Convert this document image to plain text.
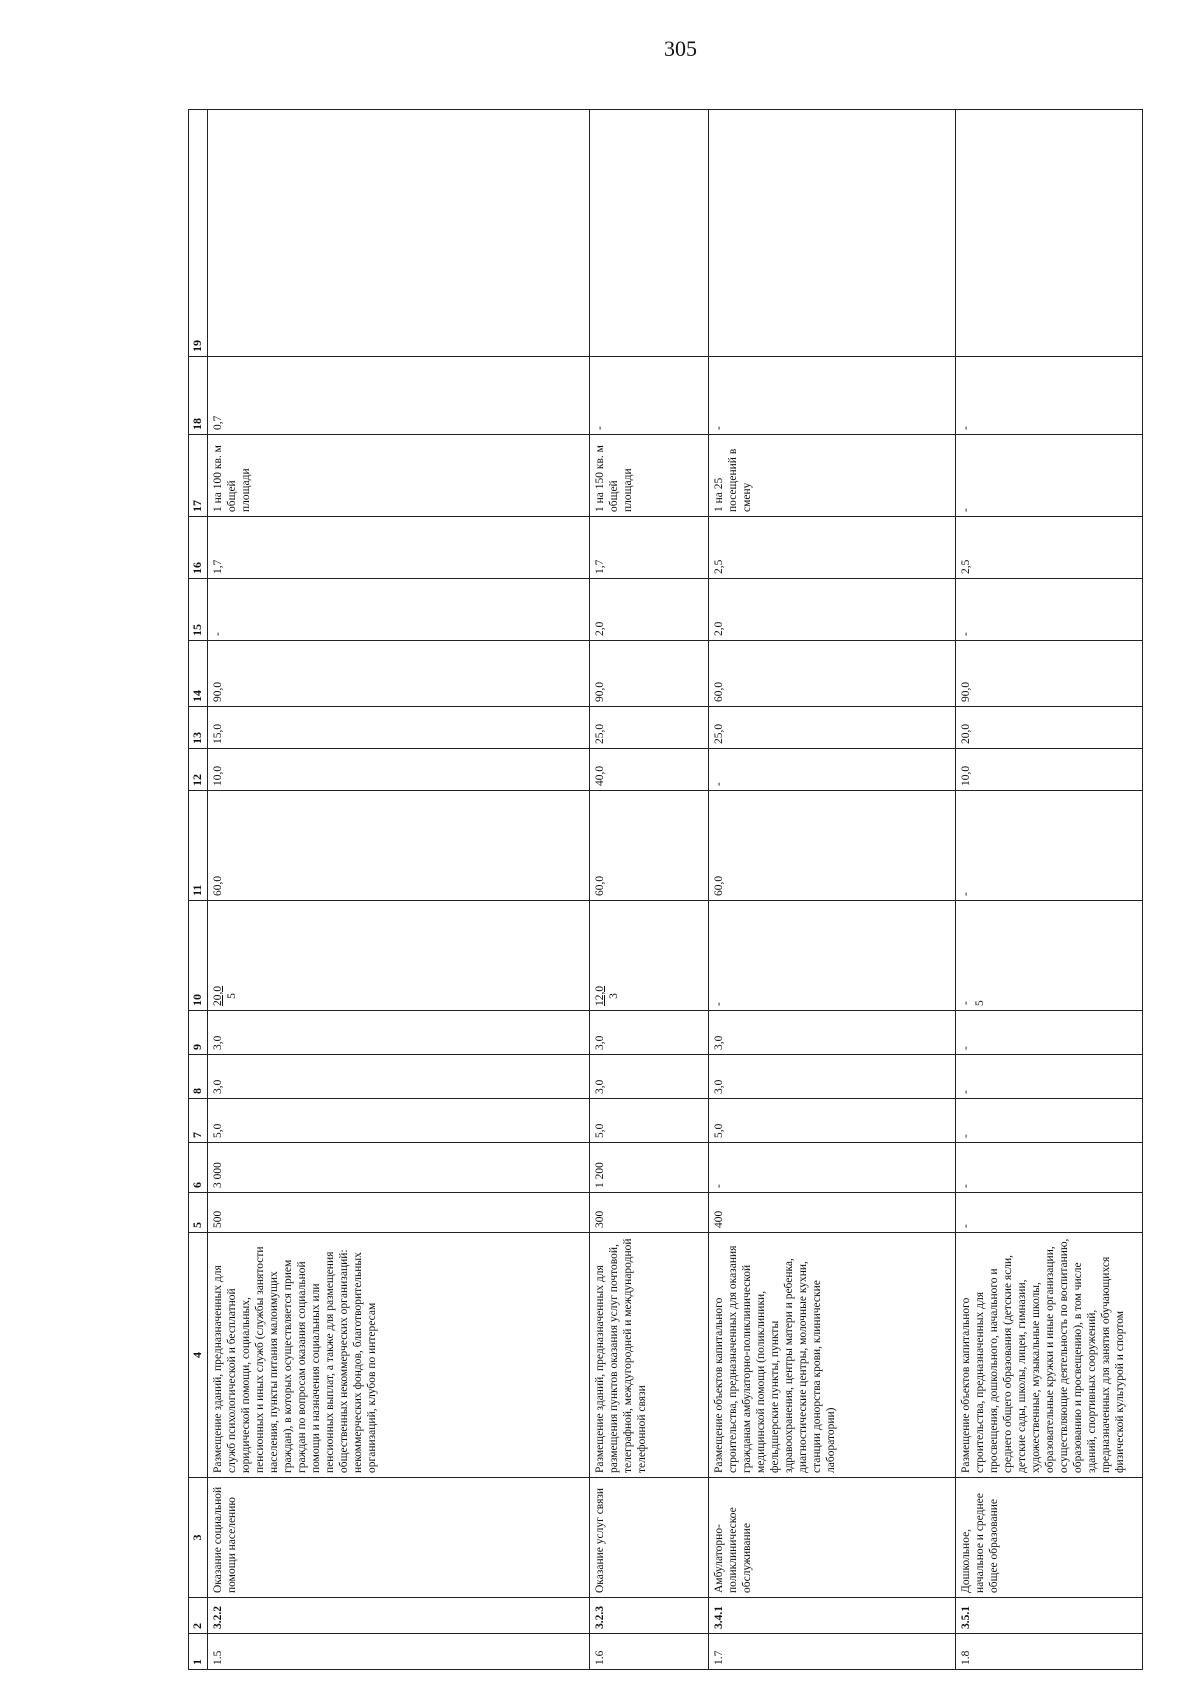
305
1	2	3	4	5	6	7	8	9	10	11	12	13	14	15	16	17	18	19
1.5	3.2.2	Оказание социальной помощи населению	Размещение зданий, предназначенных для служб психологической и бесплатной юридической помощи, социальных, пенсионных и иных служб (службы занятости населения, пункты питания малоимущих граждан), в которых осуществляется прием граждан по вопросам оказания социальной помощи и назначения социальных или пенсионных выплат, а также для размещения общественных некоммерческих организаций: некоммерческих фондов, благотворительных организаций, клубов по интересам	500	3 000	5,0	3,0	3,0	20,0 5	60,0	10,0	15,0	90,0	-	1,7	1 на 100 кв. м общей площади	0,7	
1.6	3.2.3	Оказание услуг связи	Размещение зданий, предназначенных для размещения пунктов оказания услуг почтовой, телеграфной, междугородней и международной телефонной связи	300	1 200	5,0	3,0	3,0	12,0 3	60,0	40,0	25,0	90,0	2,0	1,7	1 на 150 кв. м общей площади	-	
1.7	3.4.1	Амбулаторно-поликлиническое обслуживание	Размещение объектов капитального строительства, предназначенных для оказания гражданам амбулаторно-поликлинической медицинской помощи (поликлиники, фельдшерские пункты, пункты здравоохранения, центры матери и ребенка, диагностические центры, молочные кухни, станции донорства крови, клинические лаборатории)	400	-	5,0	3,0	3,0	-	60,0	-	25,0	60,0	2,0	2,5	1 на 25 посещений в смену	-	
1.8	3.5.1	Дошкольное, начальное и среднее общее образование	Размещение объектов капитального строительства, предназначенных для просвещения, дошкольного, начального и среднего общего образования (детские ясли, детские сады, школы, лицеи, гимназии, художественные, музыкальные школы, образовательные кружки и иные организации, осуществляющие деятельность по воспитанию, образованию и просвещению), в том числе зданий, спортивных сооружений, предназначенных для занятия обучающихся физической культурой и спортом	-	-	-	-	-	- 5	-	10,0	20,0	90,0	-	2,5	-	-	
